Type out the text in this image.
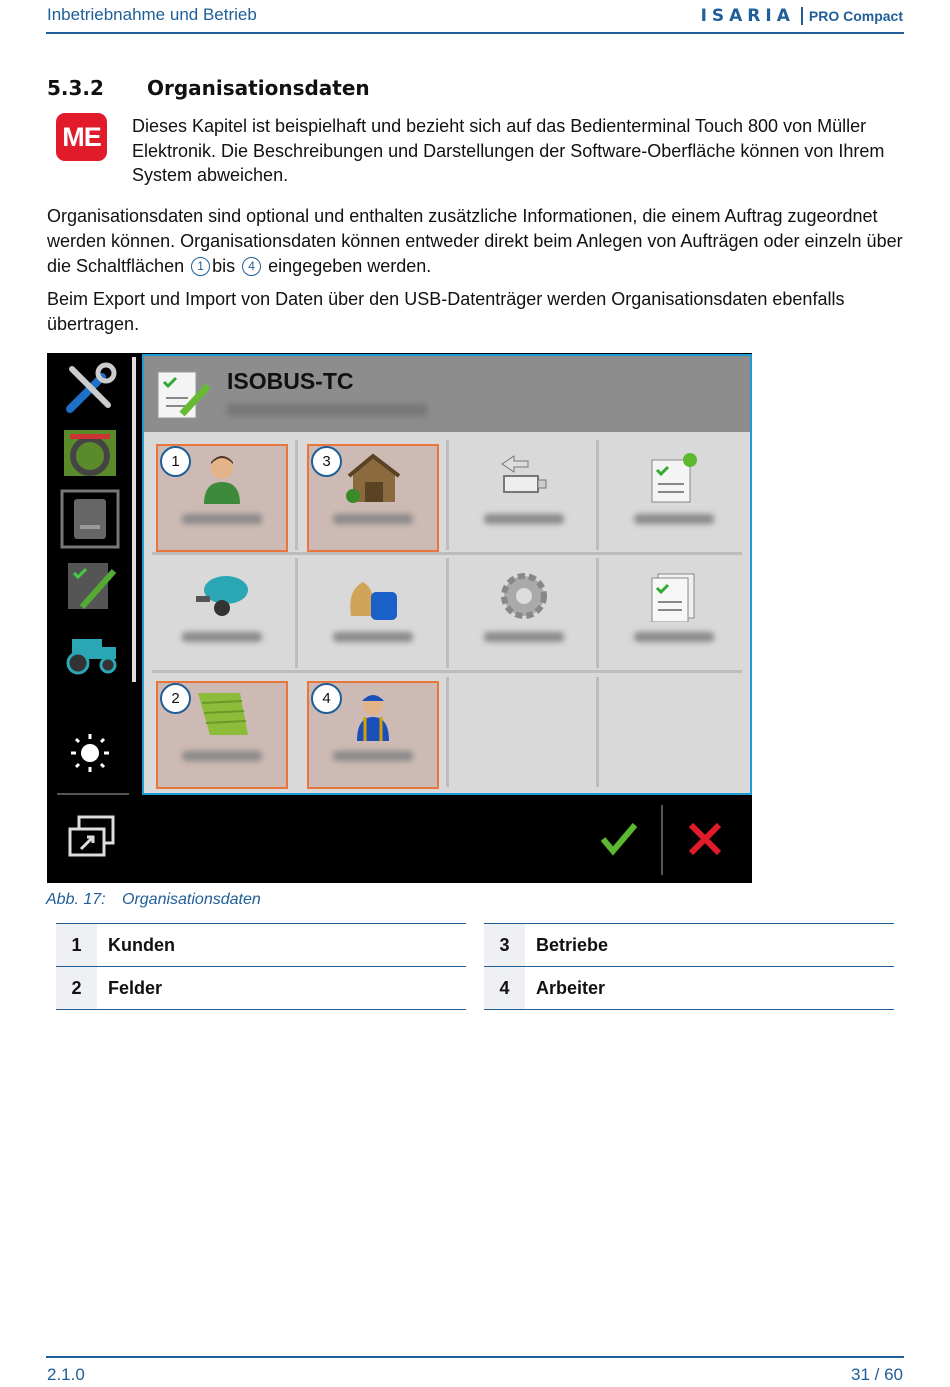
Inbetriebnahme und Betrieb	ISARIA PRO Compact
5.3.2 Organisationsdaten
ME	Dieses Kapitel ist beispielhaft und bezieht sich auf das Bedienterminal Touch 800 von Müller Elektronik. Die Beschreibungen und Darstellungen der Software-Oberfläche können von Ihrem System abweichen.
Organisationsdaten sind optional und enthalten zusätzliche Informationen, die einem Auftrag zugeordnet werden können. Organisationsdaten können entweder direkt beim Anlegen von Aufträgen oder einzeln über die Schaltflächen 1 bis 4 eingegeben werden.
Beim Export und Import von Daten über den USB-Datenträger werden Organisationsdaten ebenfalls übertragen.
ISOBUS-TC
1	3
2	4
Abb. 17: Organisationsdaten
1	Kunden
2	Felder
3	Betriebe
4	Arbeiter
2.1.0	31 / 60
